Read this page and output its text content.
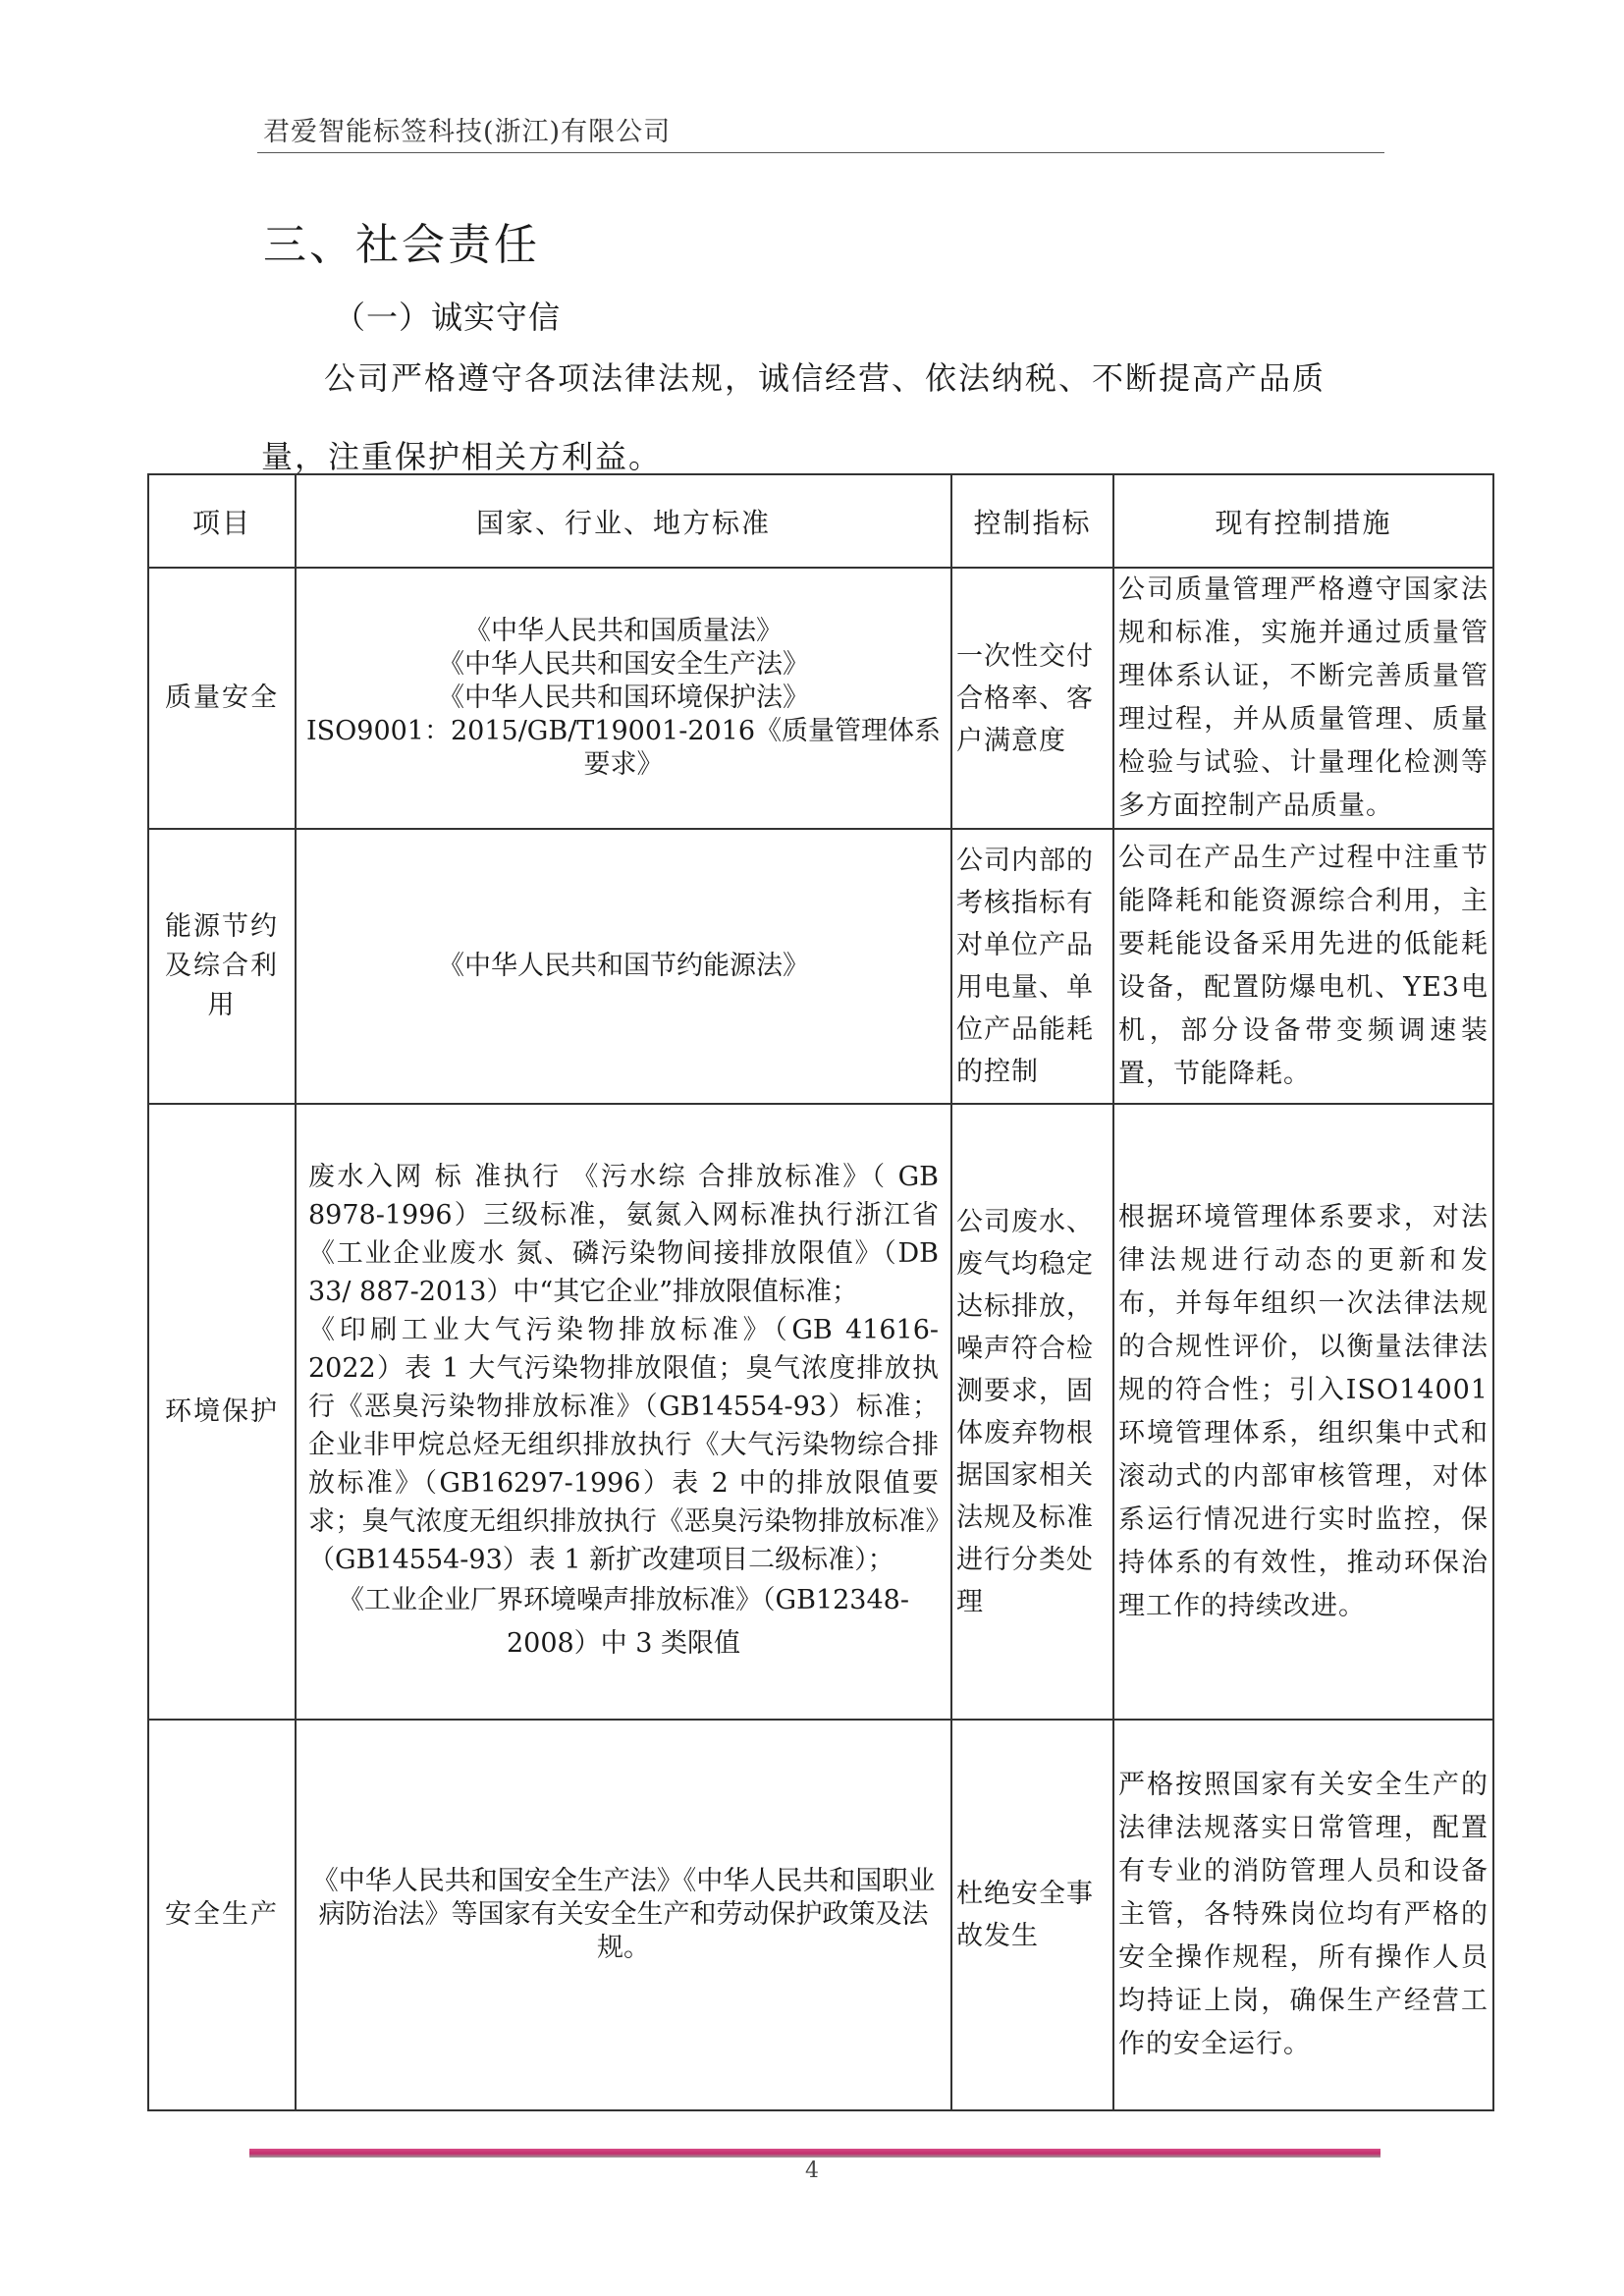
君爱智能标签科技(浙江)有限公司
三、社会责任
（一）诚实守信

公司严格遵守各项法律法规，诚信经营、依法纳税、不断提高产品质量，注重保护相关方利益。

项目	国家、行业、地方标准	控制指标	现有控制措施
质量安全	《中华人民共和国质量法》
《中华人民共和国安全生产法》
《中华人民共和国环境保护法》
ISO9001：2015/GB/T19001-2016《质量管理体系要求》	一次性交付合格率、客户满意度	公司质量管理严格遵守国家法规和标准，实施并通过质量管理体系认证，不断完善质量管理过程，并从质量管理、质量检验与试验、计量理化检测等多方面控制产品质量。
能源节约及综合利用	《中华人民共和国节约能源法》	公司内部的考核指标有对单位产品用电量、单位产品能耗的控制	公司在产品生产过程中注重节能降耗和能资源综合利用，主要耗能设备采用先进的低能耗设备，配置防爆电机、YE3电机，部分设备带变频调速装置，节能降耗。
环境保护	废水入网 标 准执行 《污水综 合排放标准》（ GB 8978-1996）三级标准，氨氮入网标准执行浙江省《工业企业废水 氮、磷污染物间接排放限值》（DB 33/ 887-2013）中“其它企业”排放限值标准；
《印刷工业大气污染物排放标准》（GB 41616-2022）表 1 大气污染物排放限值；臭气浓度排放执行《恶臭污染物排放标准》（GB14554-93）标准；企业非甲烷总烃无组织排放执行《大气污染物综合排放标准》（GB16297-1996）表 2 中的排放限值要求；臭气浓度无组织排放执行《恶臭污染物排放标准》（GB14554-93）表 1 新扩改建项目二级标准）；
《工业企业厂界环境噪声排放标准》（GB12348-2008）中 3 类限值	公司废水、废气均稳定达标排放，噪声符合检测要求，固体废弃物根据国家相关法规及标准进行分类处理	根据环境管理体系要求，对法律法规进行动态的更新和发布，并每年组织一次法律法规的合规性评价，以衡量法律法规的符合性；引入ISO14001 环境管理体系，组织集中式和滚动式的内部审核管理，对体系运行情况进行实时监控，保持体系的有效性，推动环保治理工作的持续改进。
安全生产	《中华人民共和国安全生产法》《中华人民共和国职业病防治法》等国家有关安全生产和劳动保护政策及法规。	杜绝安全事故发生	严格按照国家有关安全生产的法律法规落实日常管理，配置有专业的消防管理人员和设备主管，各特殊岗位均有严格的安全操作规程，所有操作人员均持证上岗，确保生产经营工作的安全运行。
4
